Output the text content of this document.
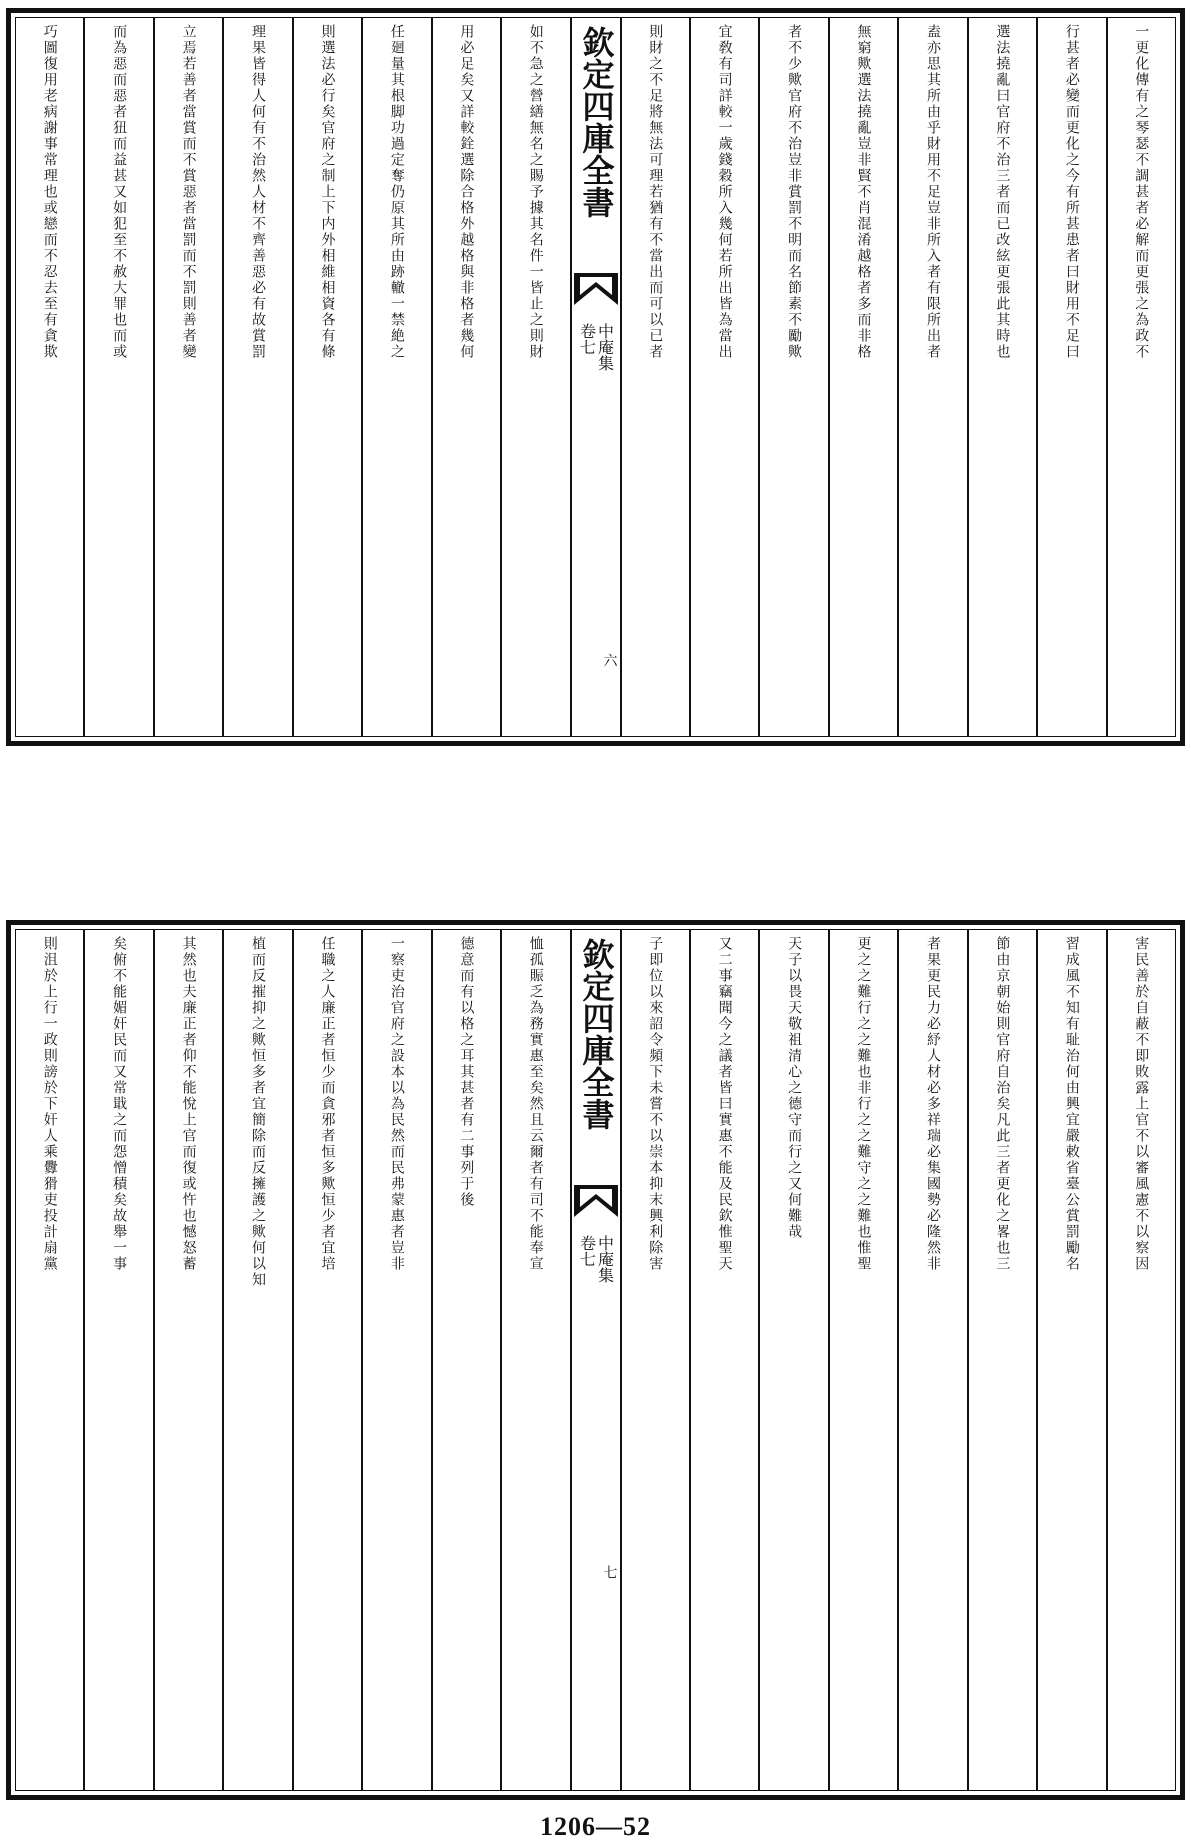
一更化傳有之琴瑟不調甚者必解而更張之為政不
行甚者必變而更化之今有所甚患者曰財用不足曰
選法撓亂曰官府不治三者而已改絃更張此其時也
盍亦思其所由乎財用不足豈非所入者有限所出者
無窮歟選法撓亂豈非賢不肖混淆越格者多而非格
者不少歟官府不治豈非賞罰不明而名節素不勵歟
宜敎有司詳較一歲錢穀所入幾何若所出皆為當出
則財之不足將無法可理若猶有不當出而可以已者
欽定四庫全書
中庵集
卷七
六
如不急之營繕無名之賜予據其名件一皆止之則財
用必足矣又詳較銓選除合格外越格與非格者幾何
任廻量其根脚功過定奪仍原其所由跡轍一禁絶之
則選法必行矣官府之制上下内外相維相資各有條
理果皆得人何有不治然人材不齊善惡必有故賞罰
立焉若善者當賞而不賞惡者當罰而不罰則善者變
而為惡而惡者狃而益甚又如犯至不赦大罪也而或
巧圖復用老病謝事常理也或戀而不忍去至有貪欺
害民善於自蔽不即敗露上官不以審風憲不以察因
習成風不知有耻治何由興宜嚴敕省臺公賞罰勵名
節由京朝始則官府自治矣凡此三者更化之畧也三
者果更民力必紓人材必多祥瑞必集國勢必隆然非
更之之難行之之難也非行之之難守之之難也惟聖
天子以畏天敬祖清心之德守而行之又何難哉
又二事竊聞今之議者皆曰實惠不能及民欽惟聖天
子即位以來詔令頻下未嘗不以崇本抑末興利除害
欽定四庫全書
中庵集
卷七
七
恤孤賑乏為務實惠至矣然且云爾者有司不能奉宣
德意而有以格之耳其甚者有二事列于後
一察吏治官府之設本以為民然而民弗蒙惠者豈非
任職之人廉正者恒少而貪邪者恒多歟恒少者宜培
植而反摧抑之歟恒多者宜簡除而反擁護之歟何以知
其然也夫廉正者仰不能悅上官而復或忤也憾怒蓄
矣俯不能媚奸民而又常戢之而怨憎積矣故舉一事
則沮於上行一政則謗於下奸人乘釁猾吏投計扇黨
1206—52
